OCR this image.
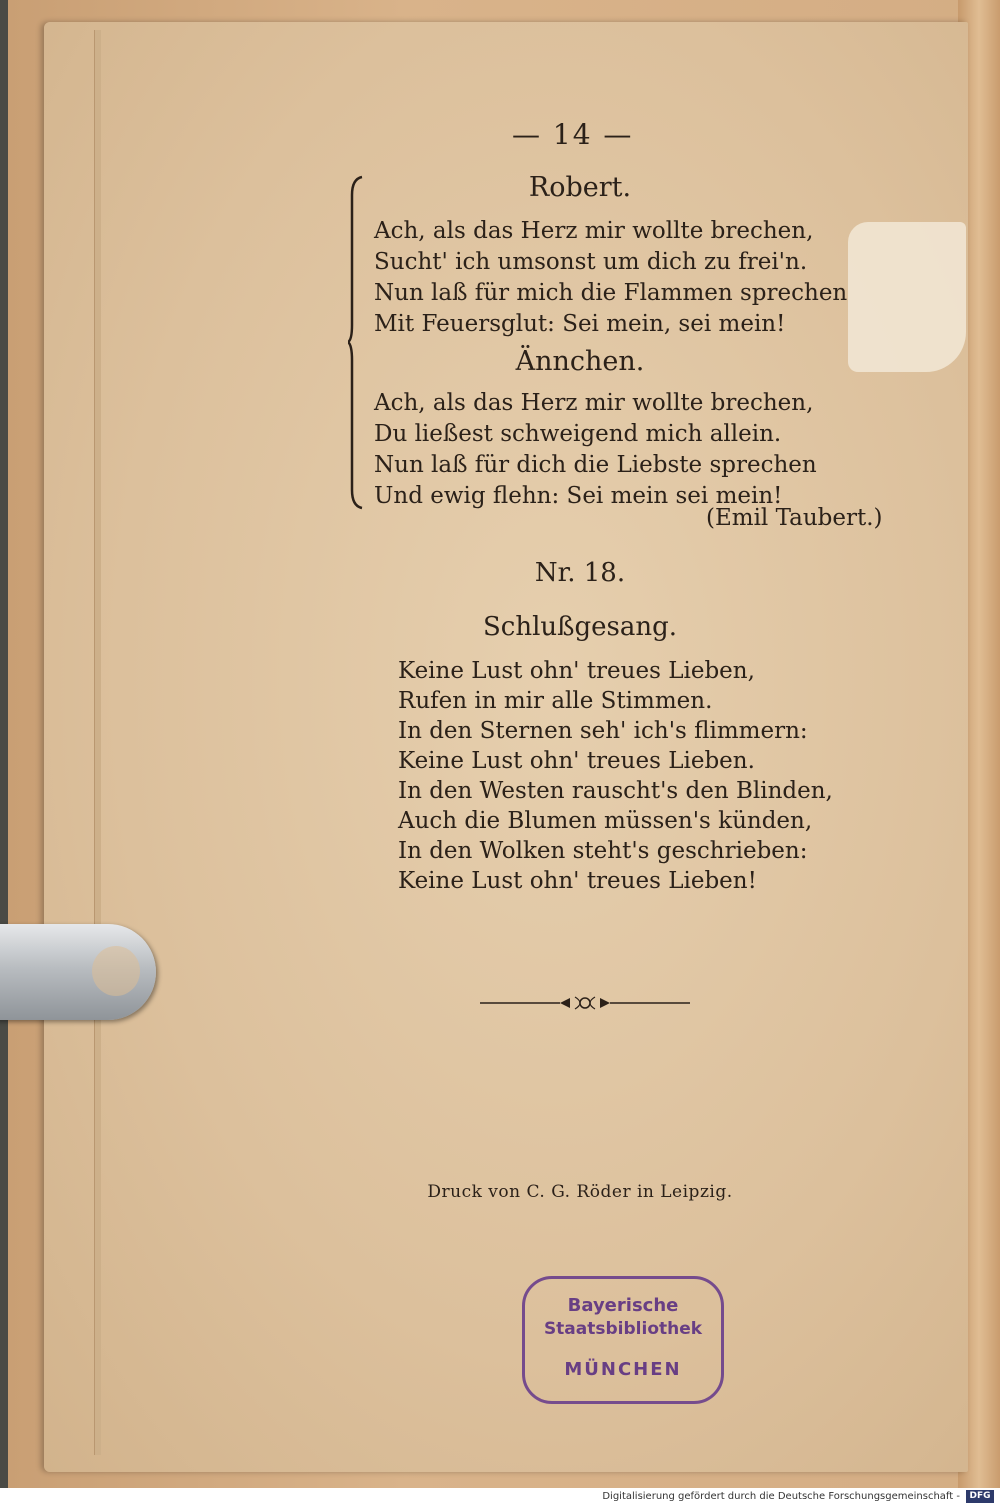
— 14 —
Robert.
Ach, als das Herz mir wollte brechen,
Sucht' ich umsonst um dich zu frei'n.
Nun laß für mich die Flammen sprechen
Mit Feuersglut: Sei mein, sei mein!
Ännchen.
Ach, als das Herz mir wollte brechen,
Du ließest schweigend mich allein.
Nun laß für dich die Liebste sprechen
Und ewig flehn: Sei mein sei mein!
(Emil Taubert.)
Nr. 18.
Schlußgesang.
Keine Lust ohn' treues Lieben,
Rufen in mir alle Stimmen.
In den Sternen seh' ich's flimmern:
Keine Lust ohn' treues Lieben.
In den Westen rauscht's den Blinden,
Auch die Blumen müssen's künden,
In den Wolken steht's geschrieben:
Keine Lust ohn' treues Lieben!
Druck von C. G. Röder in Leipzig.
Bayerische
Staatsbibliothek
MÜNCHEN
Digitalisierung gefördert durch die Deutsche Forschungsgemeinschaft -	DFG
